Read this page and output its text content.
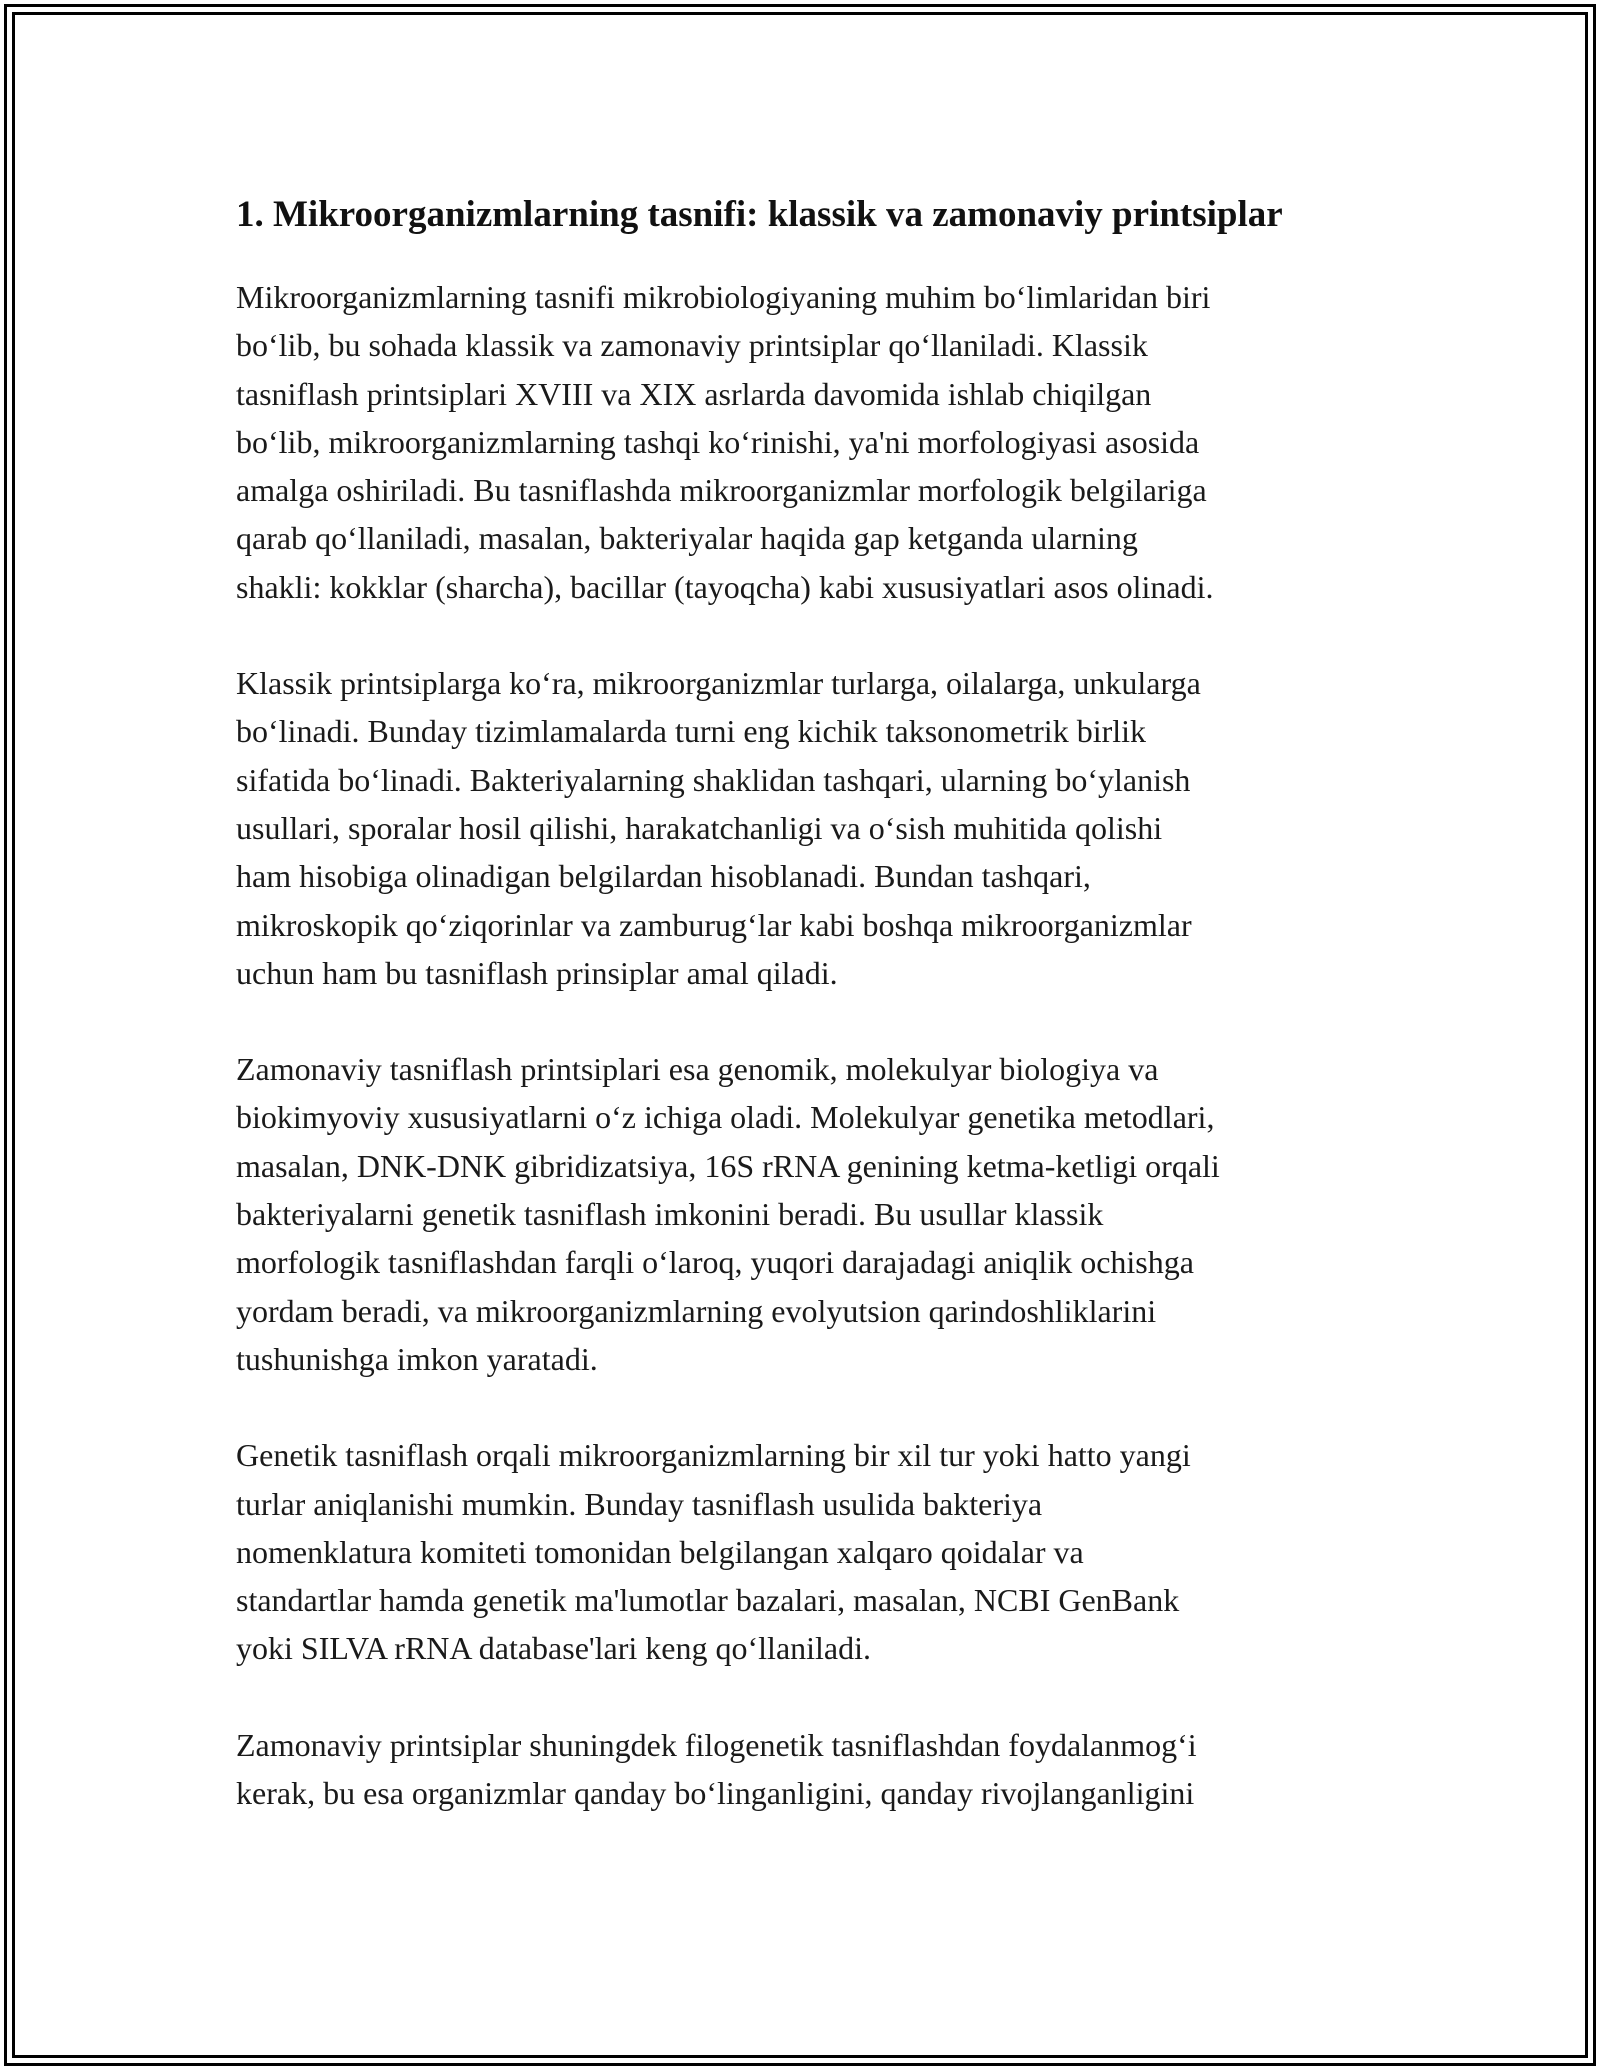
1. Mikroorganizmlarning tasnifi: klassik va zamonaviy printsiplar

Mikroorganizmlarning tasnifi mikrobiologiyaning muhim bo‘limlaridan biri
bo‘lib, bu sohada klassik va zamonaviy printsiplar qo‘llaniladi. Klassik
tasniflash printsiplari XVIII va XIX asrlarda davomida ishlab chiqilgan
bo‘lib, mikroorganizmlarning tashqi ko‘rinishi, ya'ni morfologiyasi asosida
amalga oshiriladi. Bu tasniflashda mikroorganizmlar morfologik belgilariga
qarab qo‘llaniladi, masalan, bakteriyalar haqida gap ketganda ularning
shakli: kokklar (sharcha), bacillar (tayoqcha) kabi xususiyatlari asos olinadi.

Klassik printsiplarga ko‘ra, mikroorganizmlar turlarga, oilalarga, unkularga
bo‘linadi. Bunday tizimlamalarda turni eng kichik taksonometrik birlik
sifatida bo‘linadi. Bakteriyalarning shaklidan tashqari, ularning bo‘ylanish
usullari, sporalar hosil qilishi, harakatchanligi va o‘sish muhitida qolishi
ham hisobiga olinadigan belgilardan hisoblanadi. Bundan tashqari,
mikroskopik qo‘ziqorinlar va zamburug‘lar kabi boshqa mikroorganizmlar
uchun ham bu tasniflash prinsiplar amal qiladi.

Zamonaviy tasniflash printsiplari esa genomik, molekulyar biologiya va
biokimyoviy xususiyatlarni o‘z ichiga oladi. Molekulyar genetika metodlari,
masalan, DNK-DNK gibridizatsiya, 16S rRNA genining ketma-ketligi orqali
bakteriyalarni genetik tasniflash imkonini beradi. Bu usullar klassik
morfologik tasniflashdan farqli o‘laroq, yuqori darajadagi aniqlik ochishga
yordam beradi, va mikroorganizmlarning evolyutsion qarindoshliklarini
tushunishga imkon yaratadi.

Genetik tasniflash orqali mikroorganizmlarning bir xil tur yoki hatto yangi
turlar aniqlanishi mumkin. Bunday tasniflash usulida bakteriya
nomenklatura komiteti tomonidan belgilangan xalqaro qoidalar va
standartlar hamda genetik ma'lumotlar bazalari, masalan, NCBI GenBank
yoki SILVA rRNA database'lari keng qo‘llaniladi.

Zamonaviy printsiplar shuningdek filogenetik tasniflashdan foydalanmog‘i
kerak, bu esa organizmlar qanday bo‘linganligini, qanday rivojlanganligini
